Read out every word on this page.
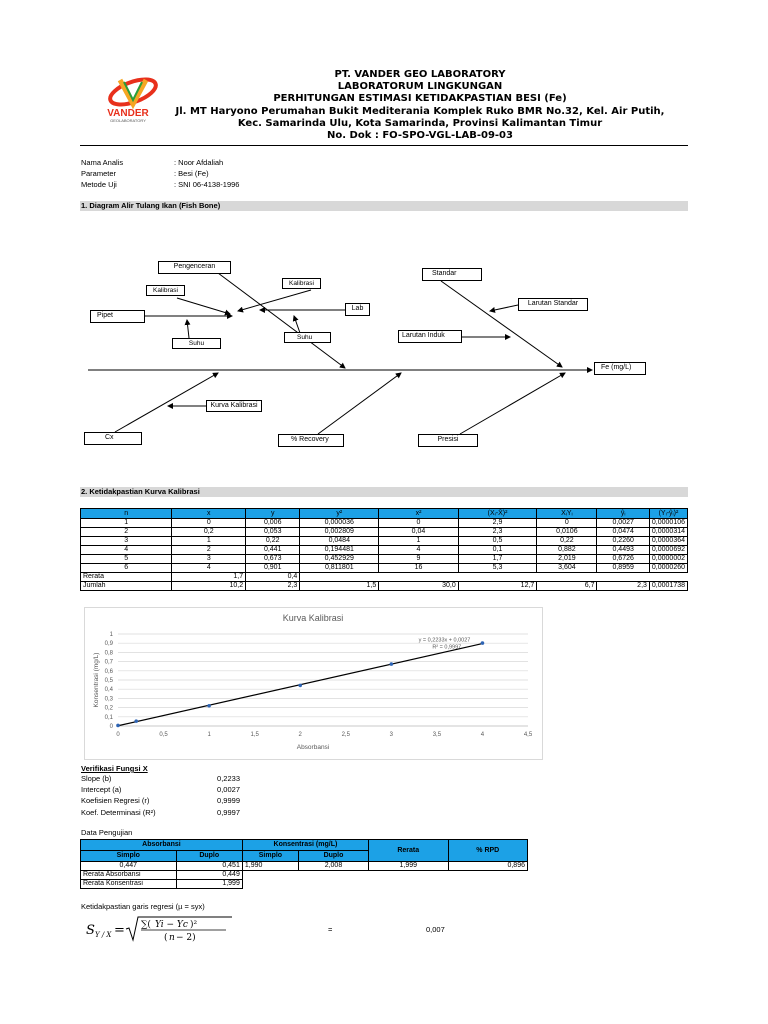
VANDER
GEOLABORATORY
PT. VANDER GEO LABORATORY
LABORATORUM LINGKUNGAN
PERHITUNGAN ESTIMASI KETIDAKPASTIAN BESI (Fe)
Jl. MT Haryono Perumahan Bukit Mediterania Komplek Ruko BMR No.32, Kel. Air Putih,
Kec. Samarinda Ulu, Kota Samarinda, Provinsi Kalimantan Timur
No. Dok : FO-SPO-VGL-LAB-09-03
Nama Analis	: Noor Afdaliah
Parameter	: Besi (Fe)
Metode Uji	: SNI 06-4138-1996
1. Diagram Alir Tulang Ikan (Fish Bone)
Pengenceran
Kalibrasi
Kalibrasi
Pipet
Lab
Suhu
Suhu
Standar
Larutan Standar
Larutan Induk
Fe (mg/L)
Kurva Kalibrasi
Cx	% Recovery	Presisi
2. Ketidakpastian Kurva Kalibrasi
n	x	y	y²	x²	(Xᵢ-X̄)²	XᵢYᵢ	ŷᵢ	(Yᵢ-ŷᵢ)²
1	0	0,006	0,000036	0	2,9	0	0,0027	0,0000106
2	0,2	0,053	0,002809	0,04	2,3	0,0106	0,0474	0,0000314
3	1	0,22	0,0484	1	0,5	0,22	0,2260	0,0000364
4	2	0,441	0,194481	4	0,1	0,882	0,4493	0,0000692
5	3	0,673	0,452929	9	1,7	2,019	0,6726	0,0000002
6	4	0,901	0,811801	16	5,3	3,604	0,8959	0,0000260
Rerata	1,7	0,4						
Jumlah	10,2	2,3	1,5	30,0	12,7	6,7	2,3	0,0001738
0
0,1
0,2
0,3
0,4
0,5
0,6
0,7
0,8
0,9
1
0	0,5	1	1,5	2	2,5	3	3,5	4	4,5
Kurva Kalibrasi
Absorbansi
Konsentrasi (mg/L)
y = 0,2233x + 0,0027
R² = 0,9997
Verifikasi Fungsi X
Slope (b)	0,2233
Intercept (a)	0,0027
Koefisien Regresi (r)	0,9999
Koef. Determinasi (R²)	0,9997
Data Pengujian
Absorbansi		Konsentrasi (mg/L)		Rerata	% RPD
Simplo	Duplo	Simplo	Duplo		
0,447	0,451	1,990	2,008	1,999	0,896
Rerata Absorbansi	0,449				
Rerata Konsentrasi	1,999				
Ketidakpastian garis regresi (µ = syx)
S Y / X = ∑( Yi − Yc )²
( n − 2)
=	0,007
